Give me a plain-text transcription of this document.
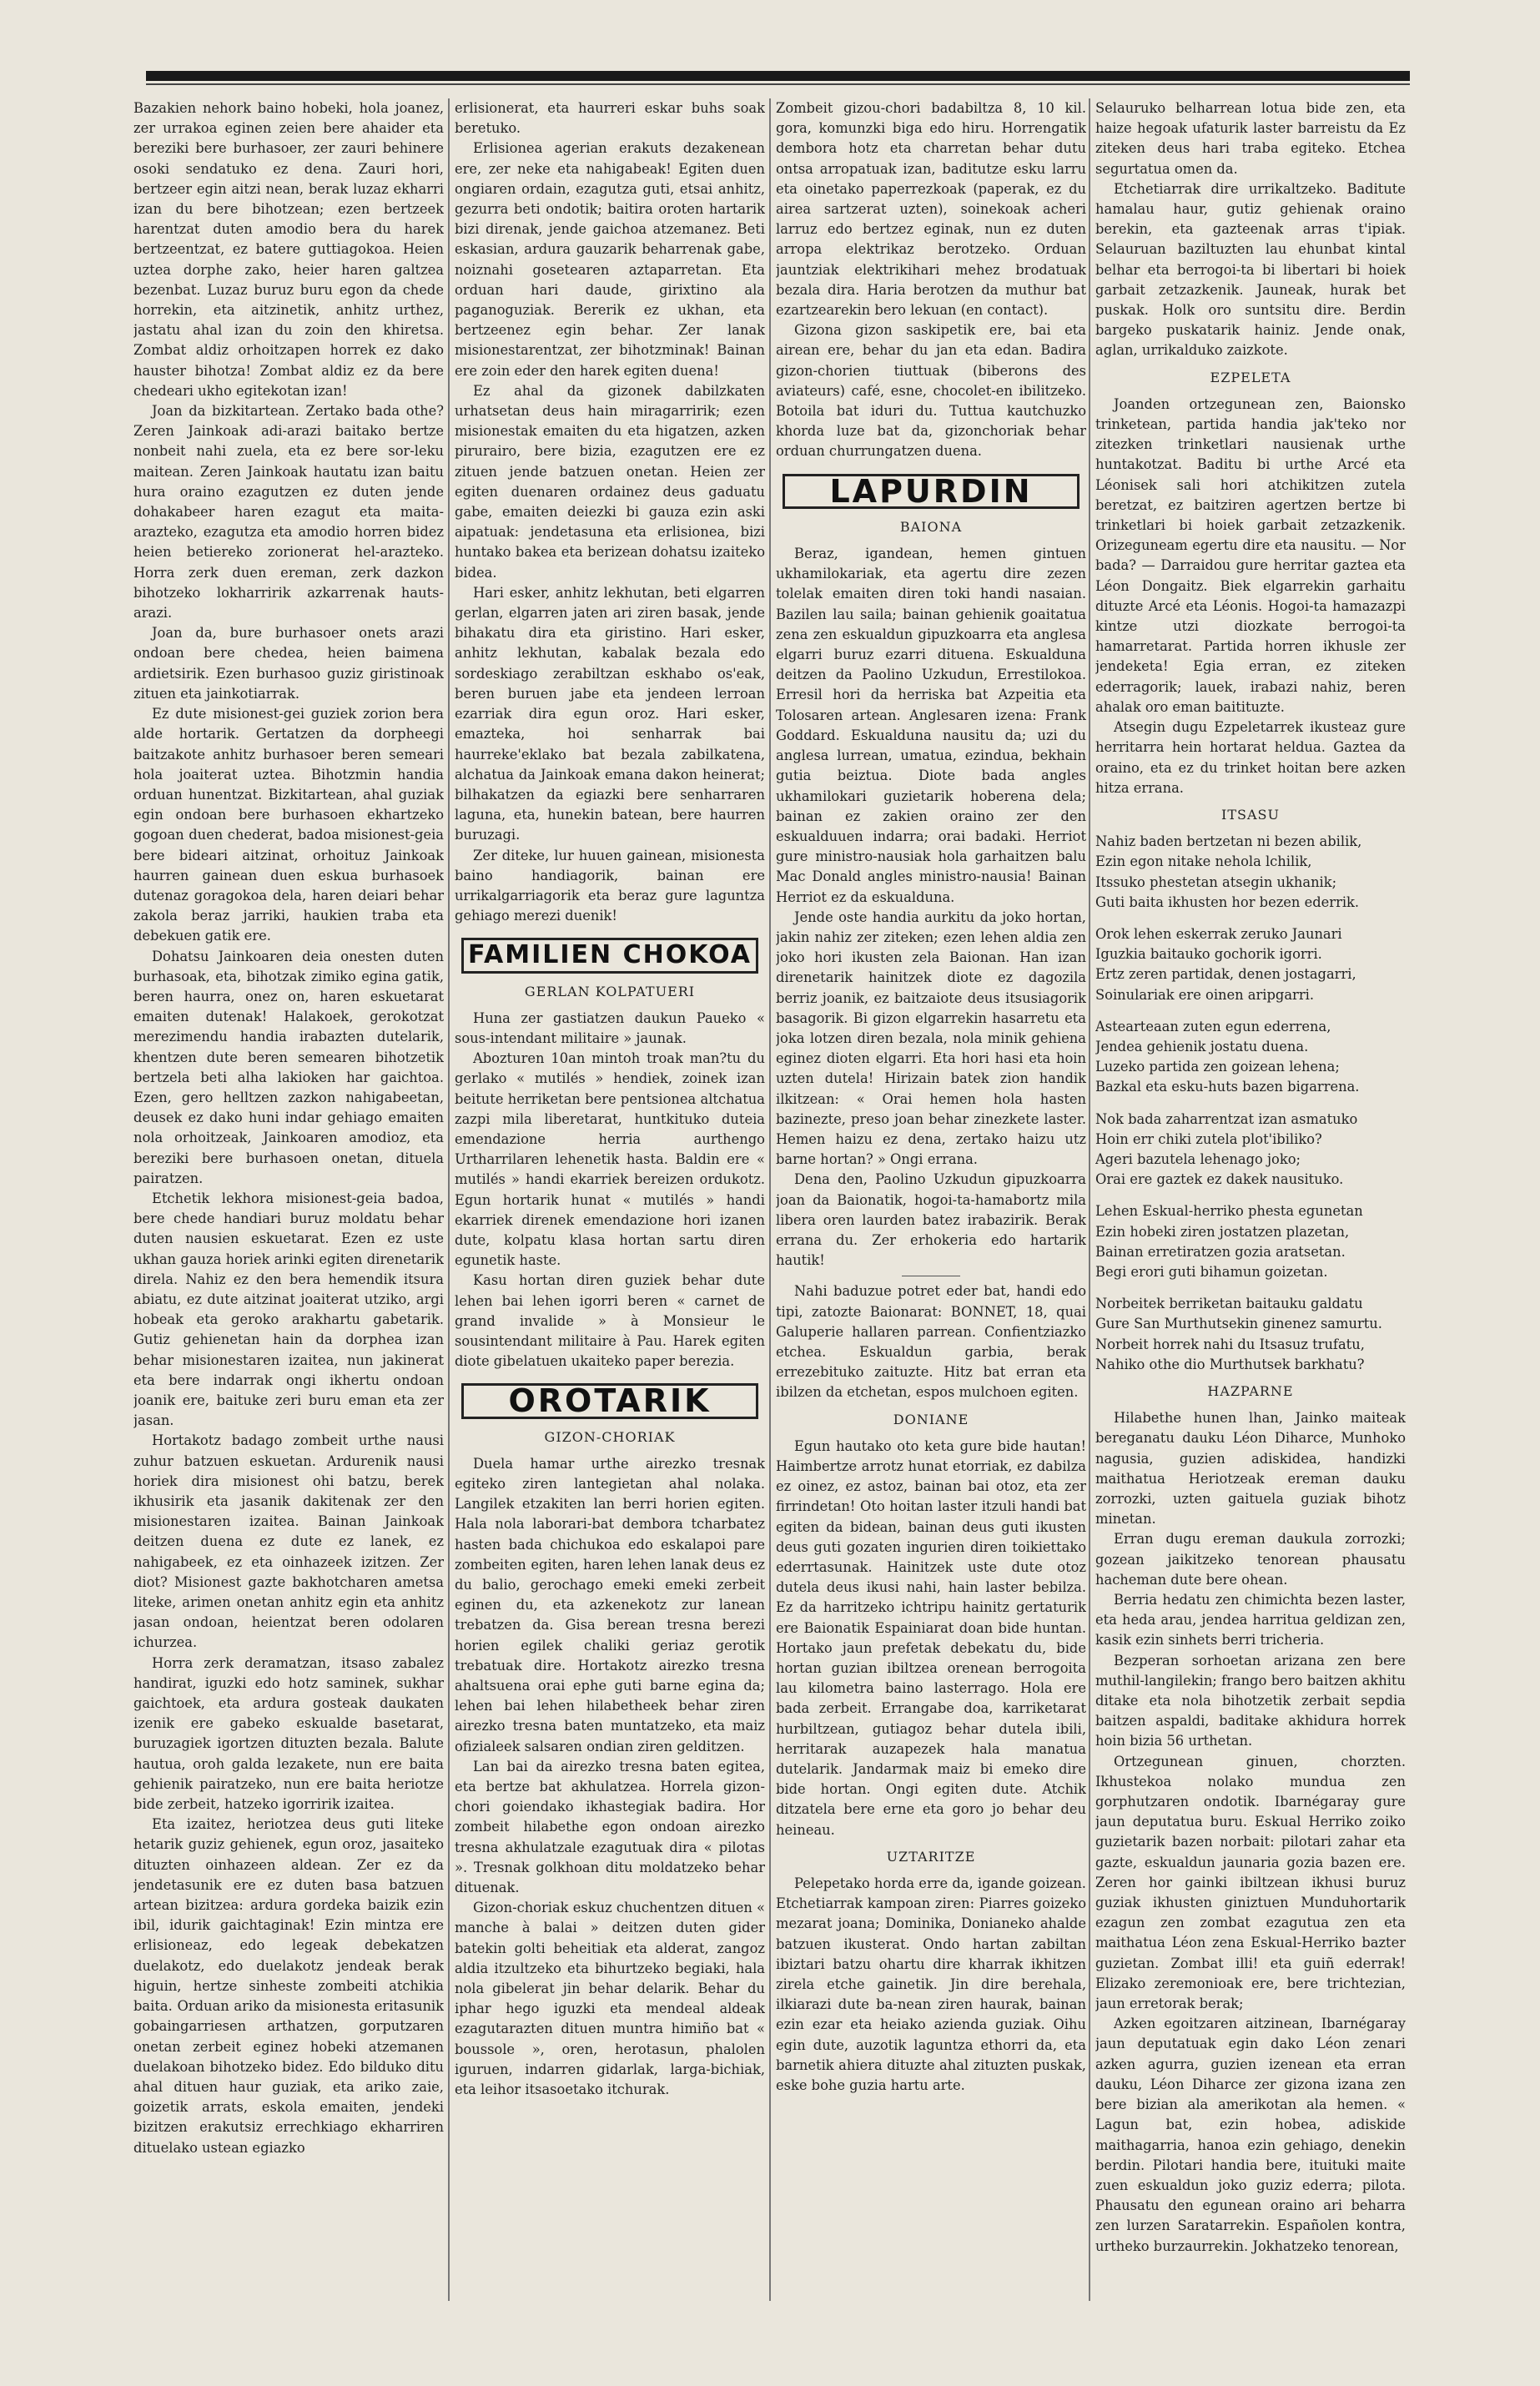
Bazakien nehork baino hobeki, hola joanez, zer urrakoa eginen zeien bere ahaider eta bereziki bere burhasoer, zer zauri behinere osoki sendatuko ez dena. Zauri hori, bertzeer egin aitzi nean, berak luzaz ekharri izan du bere bihotzean; ezen bertzeek harentzat duten amodio bera du harek bertzeentzat, ez batere guttiagokoa. Heien uztea dorphe zako, heier haren galtzea bezenbat. Luzaz buruz buru egon da chede horrekin, eta aitzinetik, anhitz urthez, jastatu ahal izan du zoin den khiretsa. Zombat aldiz orhoitzapen horrek ez dako hauster bihotza! Zombat aldiz ez da bere chedeari ukho egitekotan izan!

Joan da bizkitartean. Zertako bada othe? Zeren Jainkoak adi-arazi baitako bertze nonbeit nahi zuela, eta ez bere sor-leku maitean. Zeren Jainkoak hautatu izan baitu hura oraino ezagutzen ez duten jende dohakabeer haren ezagut eta maita-arazteko, ezagutza eta amodio horren bidez heien betiereko zorionerat hel-arazteko. Horra zerk duen ereman, zerk dazkon bihotzeko lokharririk azkarrenak hauts-arazi.

Joan da, bure burhasoer onets arazi ondoan bere chedea, heien baimena ardietsirik. Ezen burhasoo guziz giristinoak zituen eta jainkotiarrak.

Ez dute misionest-gei guziek zorion bera alde hortarik. Gertatzen da dorpheegi baitzakote anhitz burhasoer beren semeari hola joaiterat uztea. Bihotzmin handia orduan hunentzat. Bizkitartean, ahal guziak egin ondoan bere burhasoen ekhartzeko gogoan duen chederat, badoa misionest-geia bere bideari aitzinat, orhoituz Jainkoak haurren gainean duen eskua burhasoek dutenaz goragokoa dela, haren deiari behar zakola beraz jarriki, haukien traba eta debekuen gatik ere.

Dohatsu Jainkoaren deia onesten duten burhasoak, eta, bihotzak zimiko egina gatik, beren haurra, onez on, haren eskuetarat emaiten dutenak! Halakoek, gerokotzat merezimendu handia irabazten dutelarik, khentzen dute beren semearen bihotzetik bertzela beti alha lakioken har gaichtoa. Ezen, gero helltzen zazkon nahigabeetan, deusek ez dako huni indar gehiago emaiten nola orhoitzeak, Jainkoaren amodioz, eta bereziki bere burhasoen onetan, dituela pairatzen.

Etchetik lekhora misionest-geia badoa, bere chede handiari buruz moldatu behar duten nausien eskuetarat. Ezen ez uste ukhan gauza horiek arinki egiten direnetarik direla. Nahiz ez den bera hemendik itsura abiatu, ez dute aitzinat joaiterat utziko, argi hobeak eta geroko arakhartu gabetarik. Gutiz gehienetan hain da dorphea izan behar misionestaren izaitea, nun jakinerat eta bere indarrak ongi ikhertu ondoan joanik ere, baituke zeri buru eman eta zer jasan.

Hortakotz badago zombeit urthe nausi zuhur batzuen eskuetan. Ardurenik nausi horiek dira misionest ohi batzu, berek ikhusirik eta jasanik dakitenak zer den misionestaren izaitea. Bainan Jainkoak deitzen duena ez dute ez lanek, ez nahigabeek, ez eta oinhazeek izitzen. Zer diot? Misionest gazte bakhotcharen ametsa liteke, arimen onetan anhitz egin eta anhitz jasan ondoan, heientzat beren odolaren ichurzea.

Horra zerk deramatzan, itsaso zabalez handirat, iguzki edo hotz saminek, sukhar gaichtoek, eta ardura gosteak daukaten izenik ere gabeko eskualde basetarat, buruzagiek igortzen dituzten bezala. Balute hautua, oroh galda lezakete, nun ere baita gehienik pairatzeko, nun ere baita heriotze bide zerbeit, hatzeko igorririk izaitea.

Eta izaitez, heriotzea deus guti liteke hetarik guziz gehienek, egun oroz, jasaiteko dituzten oinhazeen aldean. Zer ez da jendetasunik ere ez duten basa batzuen artean bizitzea: ardura gordeka baizik ezin ibil, idurik gaichtaginak! Ezin mintza ere erlisioneaz, edo legeak debekatzen duelakotz, edo duelakotz jendeak berak higuin, hertze sinheste zombeiti atchikia baita. Orduan ariko da misionesta eritasunik gobaingarriesen arthatzen, gorputzaren onetan zerbeit eginez hobeki atzemanen duelakoan bihotzeko bidez. Edo bilduko ditu ahal dituen haur guziak, eta ariko zaie, goizetik arrats, eskola emaiten, jendeki bizitzen erakutsiz errechkiago ekharriren dituelako ustean egiazko

erlisionerat, eta haurreri eskar buhs soak beretuko.

Erlisionea agerian erakuts dezakenean ere, zer neke eta nahigabeak! Egiten duen ongiaren ordain, ezagutza guti, etsai anhitz, gezurra beti ondotik; baitira oroten hartarik bizi direnak, jende gaichoa atzemanez. Beti eskasian, ardura gauzarik beharrenak gabe, noiznahi gosetearen aztaparretan. Eta orduan hari daude, girixtino ala paganoguziak. Bererik ez ukhan, eta bertzeenez egin behar. Zer lanak misionestarentzat, zer bihotzminak! Bainan ere zoin eder den harek egiten duena!

Ez ahal da gizonek dabilzkaten urhatsetan deus hain miragarririk; ezen misionestak emaiten du eta higatzen, azken pirurairo, bere bizia, ezagutzen ere ez zituen jende batzuen onetan. Heien zer egiten duenaren ordainez deus gaduatu gabe, emaiten deiezki bi gauza ezin aski aipatuak: jendetasuna eta erlisionea, bizi huntako bakea eta berizean dohatsu izaiteko bidea.

Hari esker, anhitz lekhutan, beti elgarren gerlan, elgarren jaten ari ziren basak, jende bihakatu dira eta giristino. Hari esker, anhitz lekhutan, kabalak bezala edo sordeskiago zerabiltzan eskhabo os'eak, beren buruen jabe eta jendeen lerroan ezarriak dira egun oroz. Hari esker, emazteka, hoi senharrak bai haurreke'eklako bat bezala zabilkatena, alchatua da Jainkoak emana dakon heinerat; bilhakatzen da egiazki bere senharraren laguna, eta, hunekin batean, bere haurren buruzagi.

Zer diteke, lur huuen gainean, misionesta baino handiagorik, bainan ere urrikalgarriagorik eta beraz gure laguntza gehiago merezi duenik!

FAMILIEN CHOKOA

GERLAN KOLPATUERI

Huna zer gastiatzen daukun Paueko « sous-intendant militaire » jaunak.

Abozturen 10an mintoh troak man?tu du gerlako « mutilés » hendiek, zoinek izan beitute herriketan bere pentsionea altchatua zazpi mila liberetarat, huntkituko duteia emendazione herria aurthengo Urtharrilaren lehenetik hasta. Baldin ere « mutilés » handi ekarriek bereizen ordukotz. Egun hortarik hunat « mutilés » handi ekarriek direnek emendazione hori izanen dute, kolpatu klasa hortan sartu diren egunetik haste.

Kasu hortan diren guziek behar dute lehen bai lehen igorri beren « carnet de grand invalide » à Monsieur le sousintendant militaire à Pau. Harek egiten diote gibelatuen ukaiteko paper berezia.

OROTARIK

GIZON-CHORIAK

Duela hamar urthe airezko tresnak egiteko ziren lantegietan ahal nolaka. Langilek etzakiten lan berri horien egiten. Hala nola laborari-bat dembora tcharbatez hasten bada chichukoa edo eskalapoi pare zombeiten egiten, haren lehen lanak deus ez du balio, gerochago emeki emeki zerbeit eginen du, eta azkenekotz zur lanean trebatzen da. Gisa berean tresna berezi horien egilek chaliki geriaz gerotik trebatuak dire. Hortakotz airezko tresna ahaltsuena orai ephe guti barne egina da; lehen bai lehen hilabetheek behar ziren airezko tresna baten muntatzeko, eta maiz ofizialeek salsaren ondian ziren gelditzen.

Lan bai da airezko tresna baten egitea, eta bertze bat akhulatzea. Horrela gizon-chori goiendako ikhastegiak badira. Hor zombeit hilabethe egon ondoan airezko tresna akhulatzale ezagutuak dira « pilotas ». Tresnak golkhoan ditu moldatzeko behar dituenak.

Gizon-choriak eskuz chuchentzen dituen « manche à balai » deitzen duten gider batekin golti beheitiak eta alderat, zangoz aldia itzultzeko eta bihurtzeko begiaki, hala nola gibelerat jin behar delarik. Behar du iphar hego iguzki eta mendeal aldeak ezagutarazten dituen muntra himiño bat « boussole », oren, herotasun, phalolen iguruen, indarren gidarlak, larga-bichiak, eta leihor itsasoetako itchurak.

Zombeit gizou-chori badabiltza 8, 10 kil. gora, komunzki biga edo hiru. Horrengatik dembora hotz eta charretan behar dutu ontsa arropatuak izan, baditutze esku larru eta oinetako paperrezkoak (paperak, ez du airea sartzerat uzten), soinekoak acheri larruz edo bertzez eginak, nun ez duten arropa elektrikaz berotzeko. Orduan jauntziak elektrikihari mehez brodatuak bezala dira. Haria berotzen da muthur bat ezartzearekin bero lekuan (en contact).

Gizona gizon saskipetik ere, bai eta airean ere, behar du jan eta edan. Badira gizon-chorien tiuttuak (biberons des aviateurs) café, esne, chocolet-en ibilitzeko. Botoila bat iduri du. Tuttua kautchuzko khorda luze bat da, gizonchoriak behar orduan churrungatzen duena.

LAPURDIN

BAIONA

Beraz, igandean, hemen gintuen ukhamilokariak, eta agertu dire zezen tolelak emaiten diren toki handi nasaian. Bazilen lau saila; bainan gehienik goaitatua zena zen eskualdun gipuzkoarra eta anglesa elgarri buruz ezarri dituena. Eskualduna deitzen da Paolino Uzkudun, Errestilokoa. Erresil hori da herriska bat Azpeitia eta Tolosaren artean. Anglesaren izena: Frank Goddard. Eskualduna nausitu da; uzi du anglesa lurrean, umatua, ezindua, bekhain gutia beiztua. Diote bada angles ukhamilokari guzietarik hoberena dela; bainan ez zakien oraino zer den eskualduuen indarra; orai badaki. Herriot gure ministro-nausiak hola garhaitzen balu Mac Donald angles ministro-nausia! Bainan Herriot ez da eskualduna.

Jende oste handia aurkitu da joko hortan, jakin nahiz zer ziteken; ezen lehen aldia zen joko hori ikusten zela Baionan. Han izan direnetarik hainitzek diote ez dagozila berriz joanik, ez baitzaiote deus itsusiagorik basagorik. Bi gizon elgarrekin hasarretu eta joka lotzen diren bezala, nola minik gehiena eginez dioten elgarri. Eta hori hasi eta hoin uzten dutela! Hirizain batek zion handik ilkitzean: « Orai hemen hola hasten bazinezte, preso joan behar zinezkete laster. Hemen haizu ez dena, zertako haizu utz barne hortan? » Ongi errana.

Dena den, Paolino Uzkudun gipuzkoarra joan da Baionatik, hogoi-ta-hamabortz mila libera oren laurden batez irabazirik. Berak errana du. Zer erhokeria edo hartarik hautik!

Nahi baduzue potret eder bat, handi edo tipi, zatozte Baionarat: BONNET, 18, quai Galuperie hallaren parrean. Confientziazko etchea. Eskualdun garbia, berak errezebituko zaituzte. Hitz bat erran eta ibilzen da etchetan, espos mulchoen egiten.

DONIANE

Egun hautako oto keta gure bide hautan! Haimbertze arrotz hunat etorriak, ez dabilza ez oinez, ez astoz, bainan bai otoz, eta zer firrindetan! Oto hoitan laster itzuli handi bat egiten da bidean, bainan deus guti ikusten deus guti gozaten ingurien diren toikiettako ederrtasunak. Hainitzek uste dute otoz dutela deus ikusi nahi, hain laster bebilza. Ez da harritzeko ichtripu hainitz gertaturik ere Baionatik Espainiarat doan bide huntan. Hortako jaun prefetak debekatu du, bide hortan guzian ibiltzea orenean berrogoita lau kilometra baino lasterrago. Hola ere bada zerbeit. Errangabe doa, karriketarat hurbiltzean, gutiagoz behar dutela ibili, herritarak auzapezek hala manatua dutelarik. Jandarmak maiz bi emeko dire bide hortan. Ongi egiten dute. Atchik ditzatela bere erne eta goro jo behar deu heineau.

UZTARITZE

Pelepetako horda erre da, igande goizean. Etchetiarrak kampoan ziren: Piarres goizeko mezarat joana; Dominika, Donianeko ahalde batzuen ikusterat. Ondo hartan zabiltan ibiztari batzu ohartu dire kharrak ikhitzen zirela etche gainetik. Jin dire berehala, ilkiarazi dute ba-nean ziren haurak, bainan ezin ezar eta heiako azienda guziak. Oihu egin dute, auzotik laguntza ethorri da, eta barnetik ahiera dituzte ahal zituzten puskak, eske bohe guzia hartu arte.

Selauruko belharrean lotua bide zen, eta haize hegoak ufaturik laster barreistu da Ez ziteken deus hari traba egiteko. Etchea segurtatua omen da.

Etchetiarrak dire urrikaltzeko. Baditute hamalau haur, gutiz gehienak oraino berekin, eta gazteenak arras t'ipiak. Selauruan baziltuzten lau ehunbat kintal belhar eta berrogoi-ta bi libertari bi hoiek garbait zetzazkenik. Jauneak, hurak bet puskak. Holk oro suntsitu dire. Berdin bargeko puskatarik hainiz. Jende onak, aglan, urrikalduko zaizkote.

EZPELETA

Joanden ortzegunean zen, Baionsko trinketean, partida handia jak'teko nor zitezken trinketlari nausienak urthe huntakotzat. Baditu bi urthe Arcé eta Léonisek sali hori atchikitzen zutela beretzat, ez baitziren agertzen bertze bi trinketlari bi hoiek garbait zetzazkenik. Orizeguneam egertu dire eta nausitu. — Nor bada? — Darraidou gure herritar gaztea eta Léon Dongaitz. Biek elgarrekin garhaitu dituzte Arcé eta Léonis. Hogoi-ta hamazazpi kintze utzi diozkate berrogoi-ta hamarretarat. Partida horren ikhusle zer jendeketa! Egia erran, ez ziteken ederragorik; lauek, irabazi nahiz, beren ahalak oro eman baitituzte.

Atsegin dugu Ezpeletarrek ikusteaz gure herritarra hein hortarat heldua. Gaztea da oraino, eta ez du trinket hoitan bere azken hitza errana.

ITSASU

Nahiz baden bertzetan ni bezen abilik,

Ezin egon nitake nehola lchilik,

Itssuko phestetan atsegin ukhanik;

Guti baita ikhusten hor bezen ederrik.

Orok lehen eskerrak zeruko Jaunari

Iguzkia baitauko gochorik igorri.

Ertz zeren partidak, denen jostagarri,

Soinulariak ere oinen aripgarri.

Astearteaan zuten egun ederrena,

Jendea gehienik jostatu duena.

Luzeko partida zen goizean lehena;

Bazkal eta esku-huts bazen bigarrena.

Nok bada zaharrentzat izan asmatuko

Hoin err chiki zutela plot'ibiliko?

Ageri bazutela lehenago joko;

Orai ere gaztek ez dakek nausituko.

Lehen Eskual-herriko phesta egunetan

Ezin hobeki ziren jostatzen plazetan,

Bainan erretiratzen gozia aratsetan.

Begi erori guti bihamun goizetan.

Norbeitek berriketan baitauku galdatu

Gure San Murthutsekin ginenez samurtu.

Norbeit horrek nahi du Itsasuz trufatu,

Nahiko othe dio Murthutsek barkhatu?

HAZPARNE

Hilabethe hunen lhan, Jainko maiteak bereganatu dauku Léon Diharce, Munhoko nagusia, guzien adiskidea, handizki maithatua Heriotzeak ereman dauku zorrozki, uzten gaituela guziak bihotz minetan.

Erran dugu ereman daukula zorrozki; gozean jaikitzeko tenorean phausatu hacheman dute bere ohean.

Berria hedatu zen chimichta bezen laster, eta heda arau, jendea harritua geldizan zen, kasik ezin sinhets berri tricheria.

Bezperan sorhoetan arizana zen bere muthil-langilekin; frango bero baitzen akhitu ditake eta nola bihotzetik zerbait sepdia baitzen aspaldi, baditake akhidura horrek hoin bizia 56 urthetan.

Ortzegunean ginuen, chorzten. Ikhustekoa nolako mundua zen gorphutzaren ondotik. Ibarnégaray gure jaun deputatua buru. Eskual Herriko zoiko guzietarik bazen norbait: pilotari zahar eta gazte, eskualdun jaunaria gozia bazen ere. Zeren hor gainki ibiltzean ikhusi buruz guziak ikhusten giniztuen Munduhortarik ezagun zen zombat ezagutua zen eta maithatua Léon zena Eskual-Herriko bazter guzietan. Zombat illi! eta guiñ ederrak! Elizako zeremonioak ere, bere trichtezian, jaun erretorak berak;

Azken egoitzaren aitzinean, Ibarnégaray jaun deputatuak egin dako Léon zenari azken agurra, guzien izenean eta erran dauku, Léon Diharce zer gizona izana zen bere bizian ala amerikotan ala hemen. « Lagun bat, ezin hobea, adiskide maithagarria, hanoa ezin gehiago, denekin berdin. Pilotari handia bere, ituituki maite zuen eskualdun joko guziz ederra; pilota. Phausatu den egunean oraino ari beharra zen lurzen Saratarrekin. Españolen kontra, urtheko burzaurrekin. Jokhatzeko tenorean,
